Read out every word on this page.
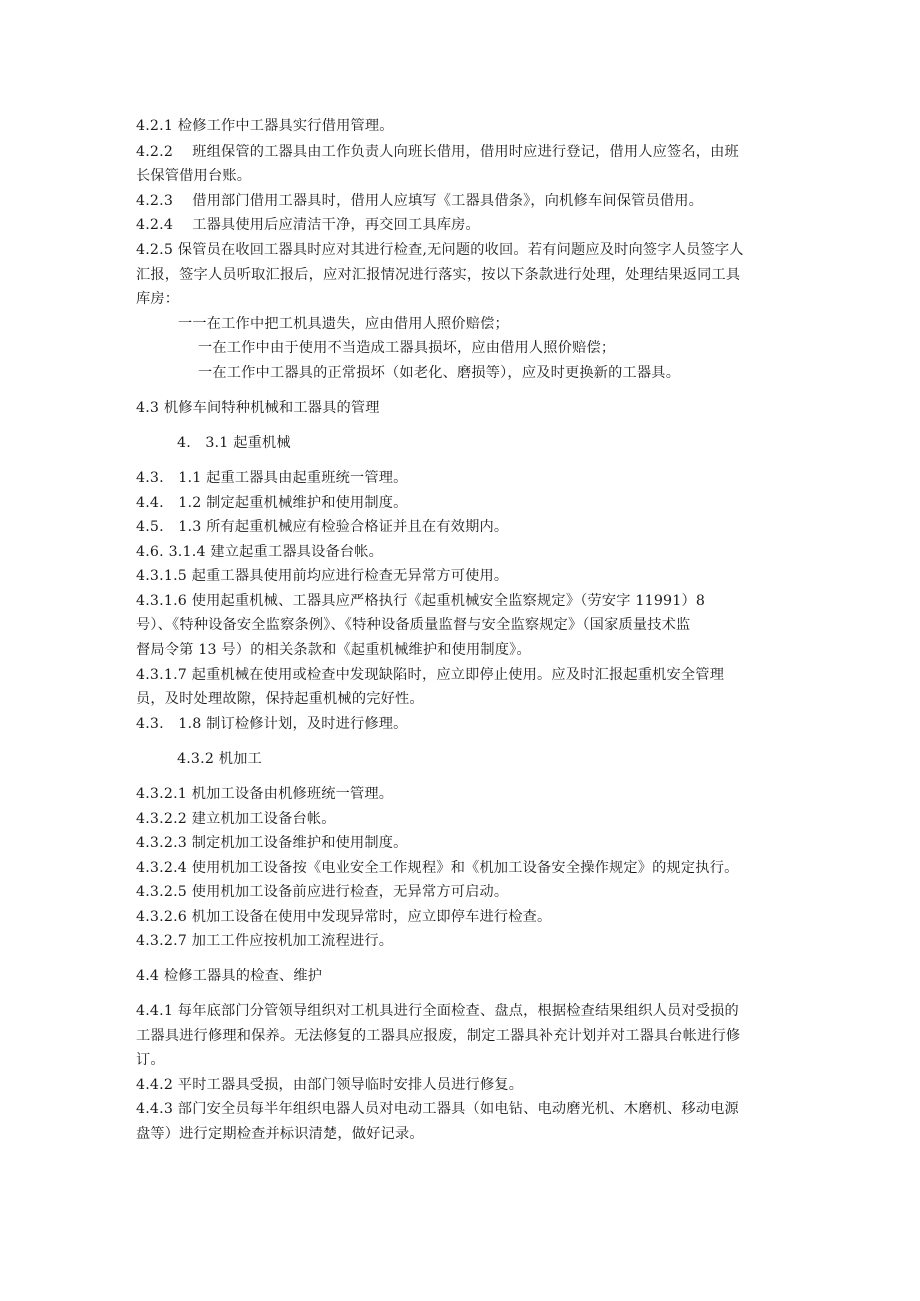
4.2.1 检修工作中工器具实行借用管理。
4.2.2　 班组保管的工器具由工作负责人向班长借用，借用时应进行登记，借用人应签名，由班
长保管借用台账。
4.2.3　 借用部门借用工器具时，借用人应填写《工器具借条》，向机修车间保管员借用。
4.2.4　 工器具使用后应清洁干净，再交回工具库房。
4.2.5 保管员在收回工器具时应对其进行检查,无问题的收回。若有问题应及时向签字人员签字人
汇报，签字人员听取汇报后，应对汇报情况进行落实，按以下条款进行处理，处理结果返同工具
库房：
一一在工作中把工机具遗失，应由借用人照价赔偿；
一在工作中由于使用不当造成工器具损坏，应由借用人照价赔偿；
一在工作中工器具的正常损坏（如老化、磨损等），应及时更换新的工器具。
4.3 机修车间特种机械和工器具的管理
4.　3.1 起重机械
4.3.　1.1 起重工器具由起重班统一管理。
4.4.　1.2 制定起重机械维护和使用制度。
4.5.　1.3 所有起重机械应有检验合格证并且在有效期内。
4.6. 3.1.4 建立起重工器具设备台帐。
4.3.1.5 起重工器具使用前均应进行检查无异常方可使用。
4.3.1.6 使用起重机械、工器具应严格执行《起重机械安全监察规定》（劳安字 11991）8
号）、《特种设备安全监察条例》、《特种设备质量监督与安全监察规定》（国家质量技术监
督局令第 13 号）的相关条款和《起重机械维护和使用制度》。
4.3.1.7 起重机械在使用或检查中发现缺陷时，应立即停止使用。应及时汇报起重机安全管理
员，及时处理故隙，保持起重机械的完好性。
4.3.　1.8 制订检修计划，及时进行修理。
4.3.2 机加工
4.3.2.1 机加工设备由机修班统一管理。
4.3.2.2 建立机加工设备台帐。
4.3.2.3 制定机加工设备维护和使用制度。
4.3.2.4 使用机加工设备按《电业安全工作规程》和《机加工设备安全操作规定》的规定执行。
4.3.2.5 使用机加工设备前应进行检查，无异常方可启动。
4.3.2.6 机加工设备在使用中发现异常时，应立即停车进行检查。
4.3.2.7 加工工件应按机加工流程进行。
4.4 检修工器具的检查、维护
4.4.1 每年底部门分管领导组织对工机具进行全面检查、盘点，根据检查结果组织人员对受损的
工器具进行修理和保养。无法修复的工器具应报废，制定工器具补充计划并对工器具台帐进行修
订。
4.4.2 平时工器具受损，由部门领导临时安排人员进行修复。
4.4.3 部门安全员每半年组织电器人员对电动工器具（如电钻、电动磨光机、木磨机、移动电源
盘等）进行定期检查并标识清楚，做好记录。
